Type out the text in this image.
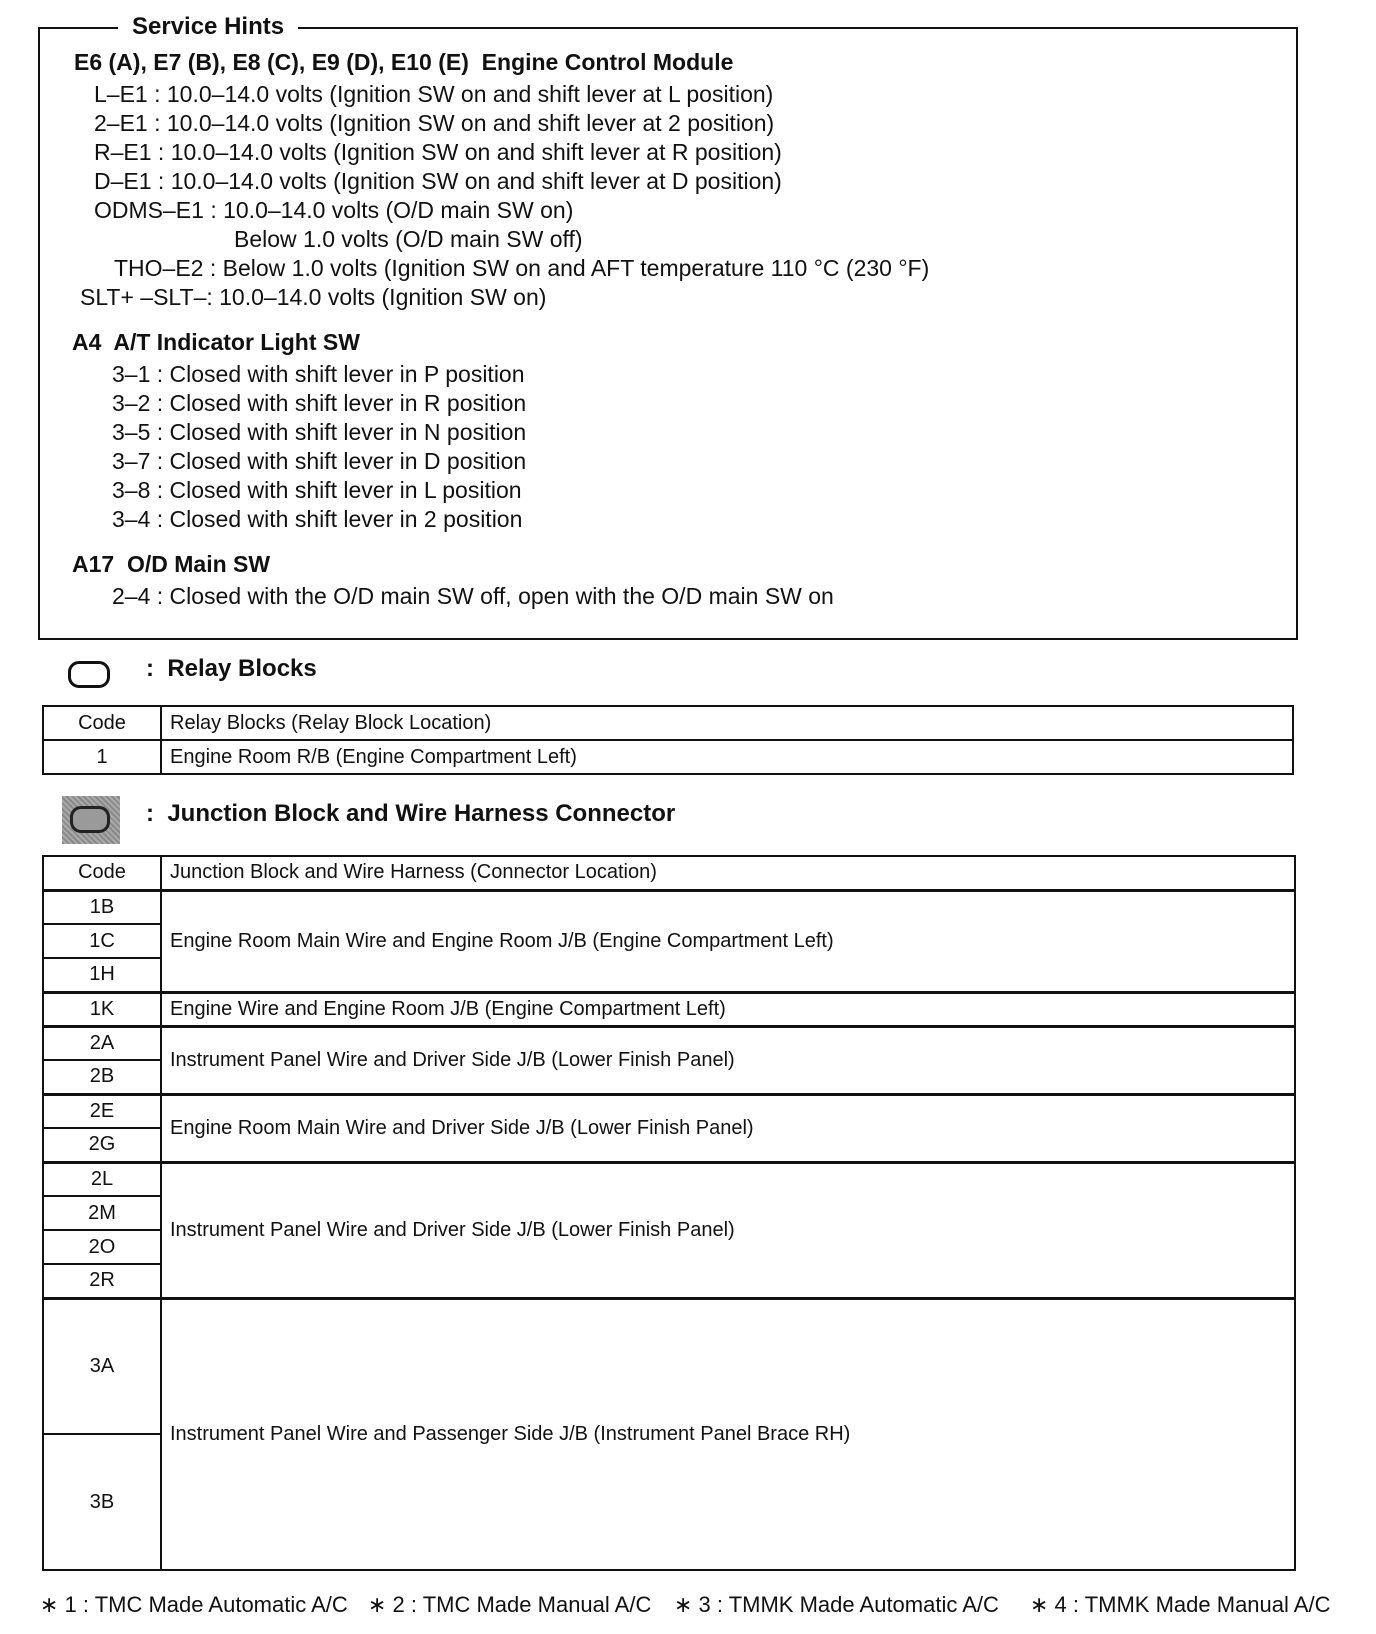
Service Hints
E6 (A), E7 (B), E8 (C), E9 (D), E10 (E)  Engine Control Module
L–E1 : 10.0–14.0 volts (Ignition SW on and shift lever at L position)
2–E1 : 10.0–14.0 volts (Ignition SW on and shift lever at 2 position)
R–E1 : 10.0–14.0 volts (Ignition SW on and shift lever at R position)
D–E1 : 10.0–14.0 volts (Ignition SW on and shift lever at D position)
ODMS–E1 : 10.0–14.0 volts (O/D main SW on)
Below 1.0 volts (O/D main SW off)
THO–E2 : Below 1.0 volts (Ignition SW on and AFT temperature 110 °C (230 °F)
SLT+ –SLT–: 10.0–14.0 volts (Ignition SW on)
A4  A/T Indicator Light SW
3–1 : Closed with shift lever in P position
3–2 : Closed with shift lever in R position
3–5 : Closed with shift lever in N position
3–7 : Closed with shift lever in D position
3–8 : Closed with shift lever in L position
3–4 : Closed with shift lever in 2 position
A17  O/D Main SW
2–4 : Closed with the O/D main SW off, open with the O/D main SW on
:  Relay Blocks
Code	Relay Blocks (Relay Block Location)
1	Engine Room R/B (Engine Compartment Left)
:  Junction Block and Wire Harness Connector
Code	Junction Block and Wire Harness (Connector Location)
1B	Engine Room Main Wire and Engine Room J/B (Engine Compartment Left)
1C	
1H	
1K	Engine Wire and Engine Room J/B (Engine Compartment Left)
2A	Instrument Panel Wire and Driver Side J/B (Lower Finish Panel)
2B	
2E	Engine Room Main Wire and Driver Side J/B (Lower Finish Panel)
2G	
2L	Instrument Panel Wire and Driver Side J/B (Lower Finish Panel)
2M	
2O	
2R	
3A	Instrument Panel Wire and Passenger Side J/B (Instrument Panel Brace RH)
3B	
∗ 1 : TMC Made Automatic A/C ∗ 2 : TMC Made Manual A/C ∗ 3 : TMMK Made Automatic A/C ∗ 4 : TMMK Made Manual A/C
